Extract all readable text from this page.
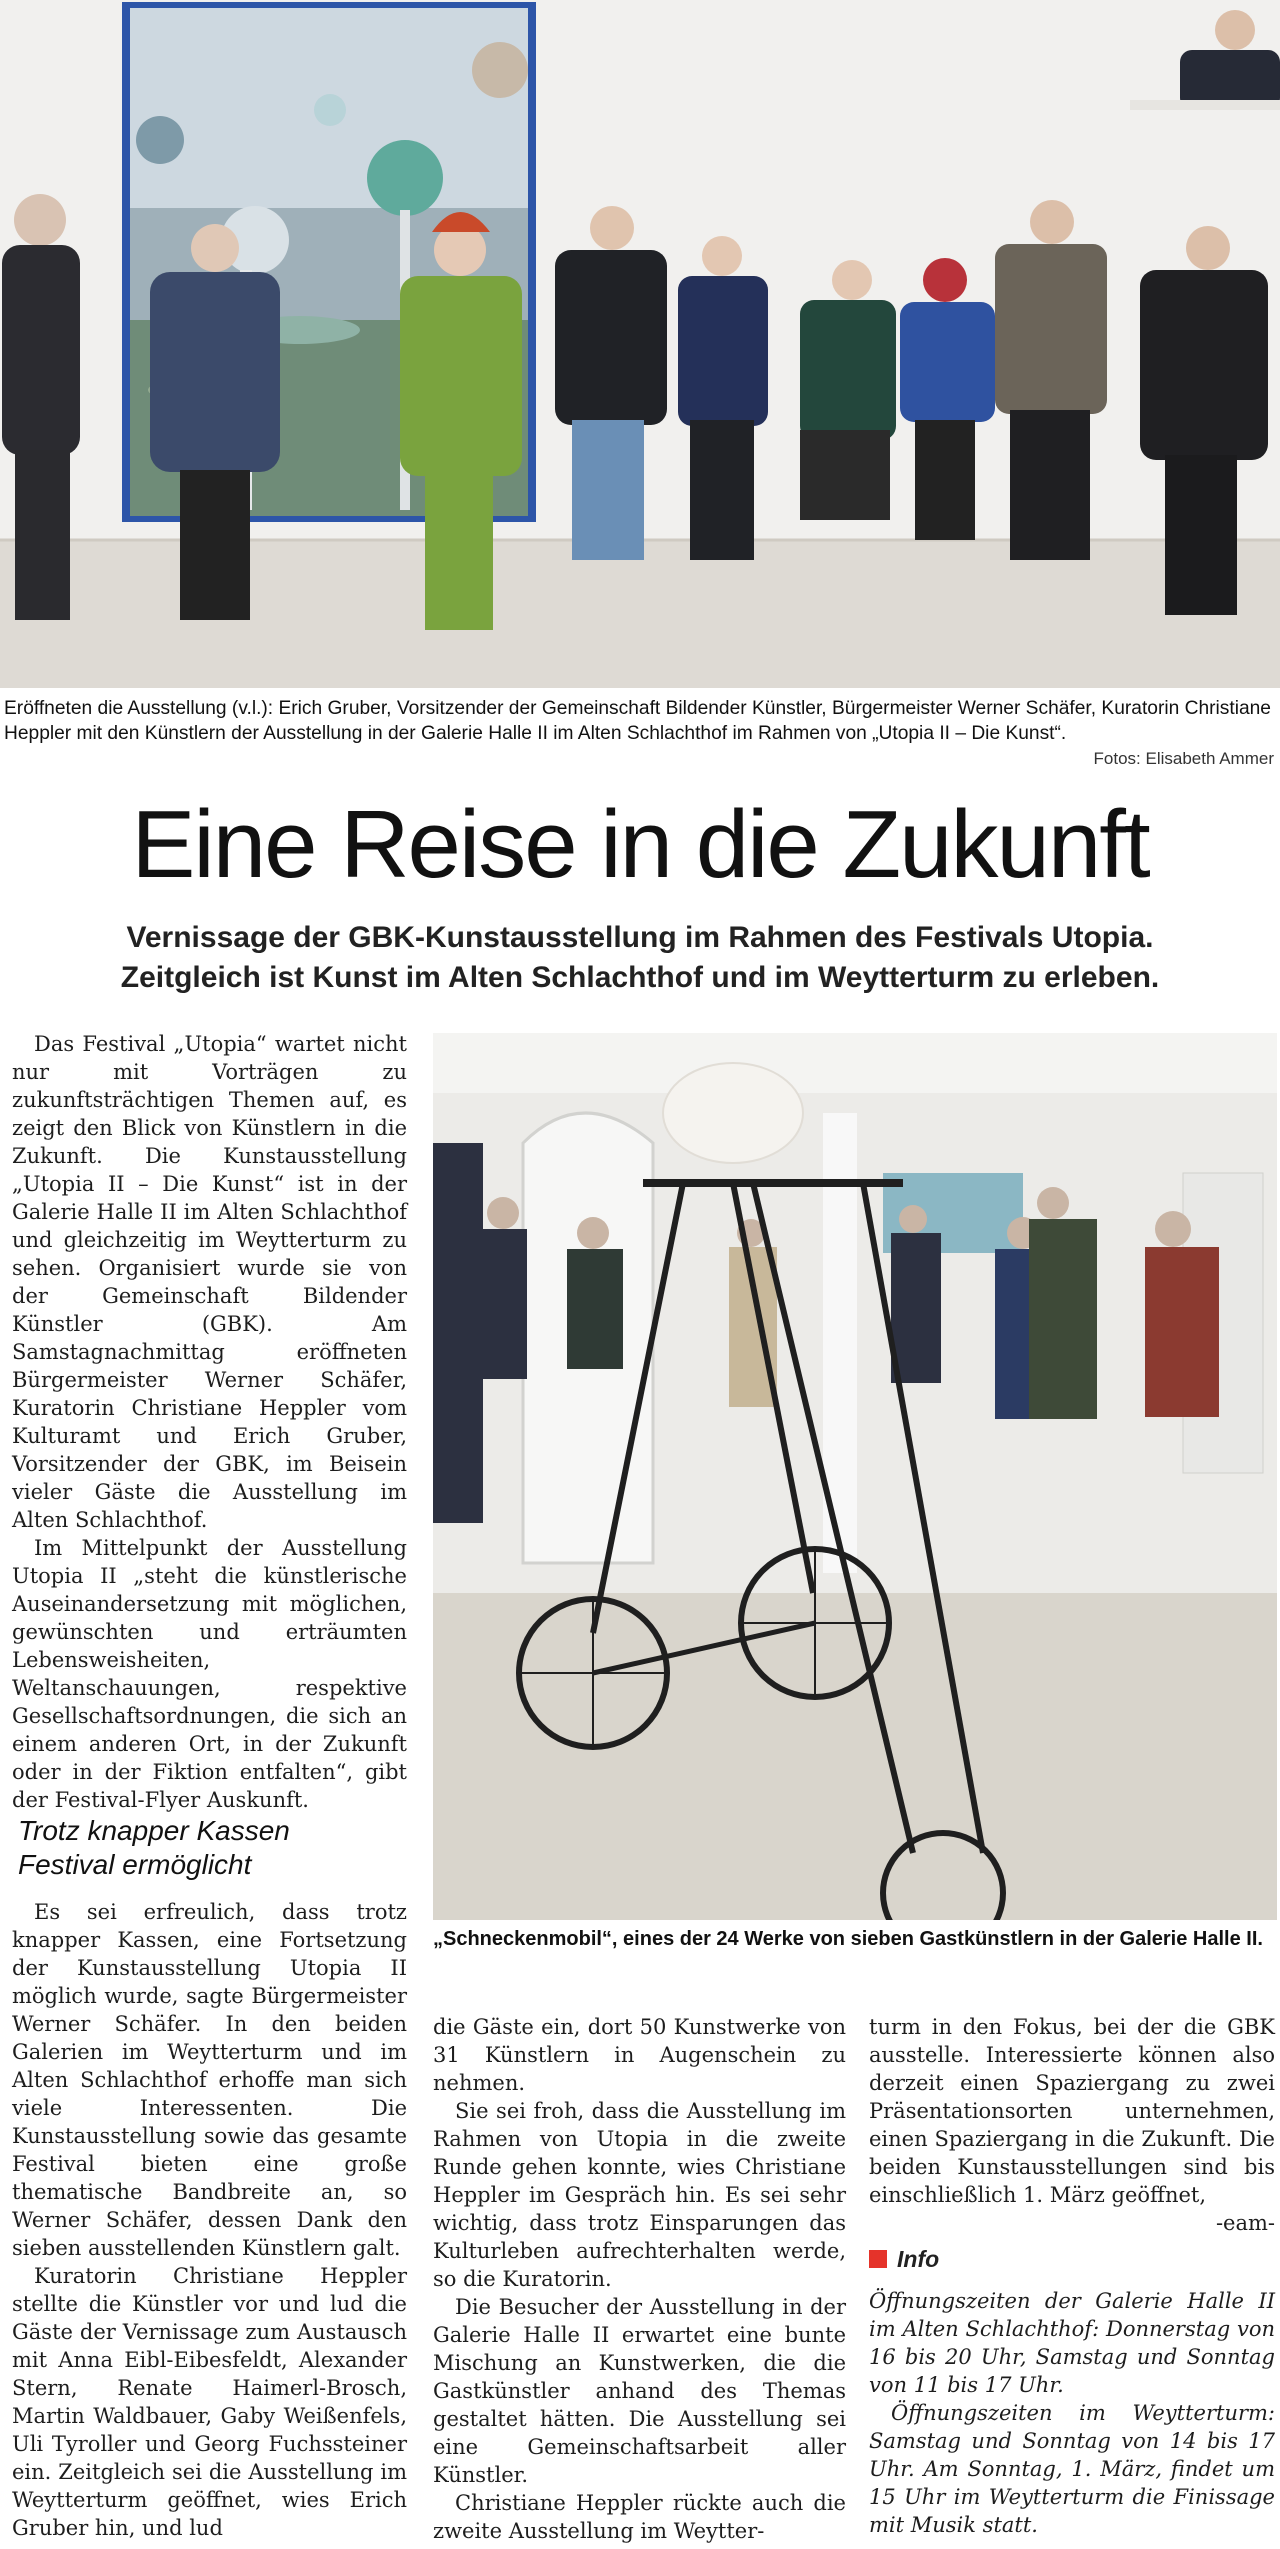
Eröffneten die Ausstellung (v.l.): Erich Gruber, Vorsitzender der Gemeinschaft Bildender Künstler, Bürgermeister Werner Schäfer, Kuratorin Christiane Heppler mit den Künstlern der Ausstellung in der Galerie Halle II im Alten Schlachthof im Rahmen von „Utopia II – Die Kunst“.
Fotos: Elisabeth Ammer
Eine Reise in die Zukunft
Vernissage der GBK-Kunstausstellung im Rahmen des Festivals Utopia.
Zeitgleich ist Kunst im Alten Schlachthof und im Weytterturm zu erleben.

Das Festival „Utopia“ wartet nicht nur mit Vorträgen zu zukunftsträchtigen Themen auf, es zeigt den Blick von Künstlern in die Zukunft. Die Kunstausstellung „Utopia II – Die Kunst“ ist in der Galerie Halle II im Alten Schlachthof und gleichzeitig im Weytterturm zu sehen. Organisiert wurde sie von der Gemeinschaft Bildender Künstler (GBK). Am Samstagnachmittag eröffneten Bürgermeister Werner Schäfer, Kuratorin Christiane Heppler vom Kulturamt und Erich Gruber, Vorsitzender der GBK, im Beisein vieler Gäste die Ausstellung im Alten Schlachthof.

Im Mittelpunkt der Ausstellung Utopia II „steht die künstlerische Auseinandersetzung mit möglichen, gewünschten und erträumten Lebensweisheiten, Weltanschauungen, respektive Gesellschaftsordnungen, die sich an einem anderen Ort, in der Zukunft oder in der Fiktion entfalten“, gibt der Festival-Flyer Auskunft.

Trotz knapper Kassen
Festival ermöglicht

Es sei erfreulich, dass trotz knapper Kassen, eine Fortsetzung der Kunstausstellung Utopia II möglich wurde, sagte Bürgermeister Werner Schäfer. In den beiden Galerien im Weytterturm und im Alten Schlachthof erhoffe man sich viele Interessenten. Die Kunstausstellung sowie das gesamte Festival bieten eine große thematische Bandbreite an, so Werner Schäfer, dessen Dank den sieben ausstellenden Künstlern galt.

Kuratorin Christiane Heppler stellte die Künstler vor und lud die Gäste der Vernissage zum Austausch mit Anna Eibl-Eibesfeldt, Alexander Stern, Renate Haimerl-Brosch, Martin Waldbauer, Gaby Weißenfels, Uli Tyroller und Georg Fuchssteiner ein. Zeitgleich sei die Ausstellung im Weytterturm geöffnet, wies Erich Gruber hin, und lud

„Schneckenmobil“, eines der 24 Werke von sieben Gastkünstlern in der Galerie Halle II.

die Gäste ein, dort 50 Kunstwerke von 31 Künstlern in Augenschein zu nehmen.

Sie sei froh, dass die Ausstellung im Rahmen von Utopia in die zweite Runde gehen konnte, wies Christiane Heppler im Gespräch hin. Es sei sehr wichtig, dass trotz Einsparungen das Kulturleben aufrechterhalten werde, so die Kuratorin.

Die Besucher der Ausstellung in der Galerie Halle II erwartet eine bunte Mischung an Kunstwerken, die die Gastkünstler anhand des Themas gestaltet hätten. Die Ausstellung sei eine Gemeinschaftsarbeit aller Künstler.

Christiane Heppler rückte auch die zweite Ausstellung im Weytter-

turm in den Fokus, bei der die GBK ausstelle. Interessierte können also derzeit einen Spaziergang zu zwei Präsentationsorten unternehmen, einen Spaziergang in die Zukunft. Die beiden Kunstausstellungen sind bis einschließlich 1. März geöffnet,

-eam-

Info

Öffnungszeiten der Galerie Halle II im Alten Schlachthof: Donnerstag von 16 bis 20 Uhr, Samstag und Sonntag von 11 bis 17 Uhr.

Öffnungszeiten im Weytterturm: Samstag und Sonntag von 14 bis 17 Uhr. Am Sonntag, 1. März, findet um 15 Uhr im Weytterturm die Finissage mit Musik statt.
